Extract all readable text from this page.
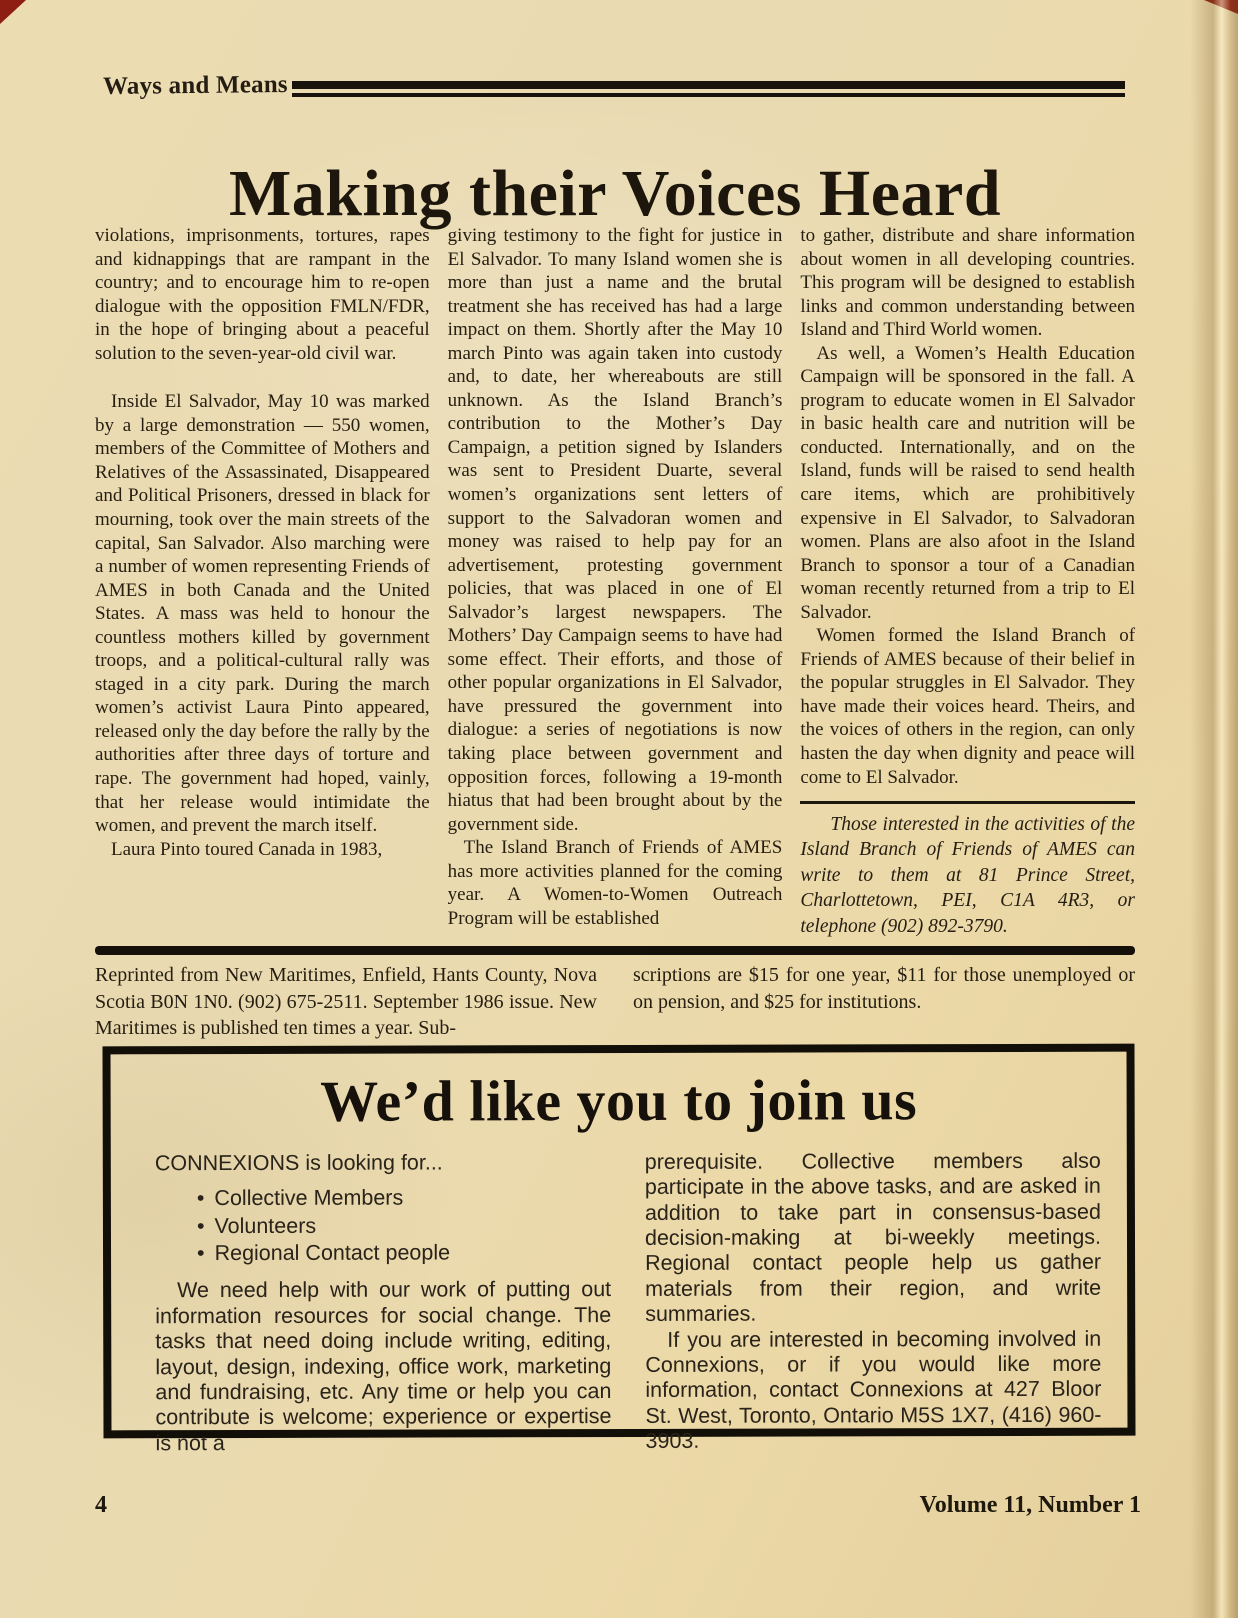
Ways and Means
Making their Voices Heard

violations, imprisonments, tortures, rapes and kidnappings that are rampant in the country; and to encourage him to re-open dialogue with the opposition FMLN/FDR, in the hope of bringing about a peaceful solution to the seven-year-old civil war.

Inside El Salvador, May 10 was marked by a large demonstration — 550 women, members of the Committee of Mothers and Relatives of the Assassinated, Disappeared and Political Prisoners, dressed in black for mourning, took over the main streets of the capital, San Salvador. Also marching were a number of women representing Friends of AMES in both Canada and the United States. A mass was held to honour the countless mothers killed by government troops, and a political-cultural rally was staged in a city park. During the march women’s activist Laura Pinto appeared, released only the day before the rally by the authorities after three days of torture and rape. The government had hoped, vainly, that her release would intimidate the women, and prevent the march itself.

Laura Pinto toured Canada in 1983,

giving testimony to the fight for justice in El Salvador. To many Island women she is more than just a name and the brutal treatment she has received has had a large impact on them. Shortly after the May 10 march Pinto was again taken into custody and, to date, her whereabouts are still unknown. As the Island Branch’s contribution to the Mother’s Day Campaign, a petition signed by Islanders was sent to President Duarte, several women’s organizations sent letters of support to the Salvadoran women and money was raised to help pay for an advertisement, protesting government policies, that was placed in one of El Salvador’s largest newspapers. The Mothers’ Day Campaign seems to have had some effect. Their efforts, and those of other popular organizations in El Salvador, have pressured the government into dialogue: a series of negotiations is now taking place between government and opposition forces, following a 19-month hiatus that had been brought about by the government side.

The Island Branch of Friends of AMES has more activities planned for the coming year. A Women-to-Women Outreach Program will be established

to gather, distribute and share information about women in all developing countries. This program will be designed to establish links and common understanding between Island and Third World women.

As well, a Women’s Health Education Campaign will be sponsored in the fall. A program to educate women in El Salvador in basic health care and nutrition will be conducted. Internationally, and on the Island, funds will be raised to send health care items, which are prohibitively expensive in El Salvador, to Salvadoran women. Plans are also afoot in the Island Branch to sponsor a tour of a Canadian woman recently returned from a trip to El Salvador.

Women formed the Island Branch of Friends of AMES because of their belief in the popular struggles in El Salvador. They have made their voices heard. Theirs, and the voices of others in the region, can only hasten the day when dignity and peace will come to El Salvador.

Those interested in the activities of the Island Branch of Friends of AMES can write to them at 81 Prince Street, Charlottetown, PEI, C1A 4R3, or telephone (902) 892-3790.

Reprinted from New Maritimes, Enfield, Hants County, Nova Scotia B0N 1N0. (902) 675-2511. September 1986 issue. New Maritimes is published ten times a year. Sub-
scriptions are $15 for one year, $11 for those unemployed or on pension, and $25 for institutions.
We’d like you to join us

CONNEXIONS is looking for...

• Collective Members
• Volunteers
• Regional Contact people

We need help with our work of putting out information resources for social change. The tasks that need doing include writing, editing, layout, design, indexing, office work, marketing and fundraising, etc. Any time or help you can contribute is welcome; experience or expertise is not a

prerequisite. Collective members also participate in the above tasks, and are asked in addition to take part in consensus-based decision-making at bi-weekly meetings. Regional contact people help us gather materials from their region, and write summaries.

If you are interested in becoming involved in Connexions, or if you would like more information, contact Connexions at 427 Bloor St. West, Toronto, Ontario M5S 1X7, (416) 960-3903.

4	Volume 11, Number 1
